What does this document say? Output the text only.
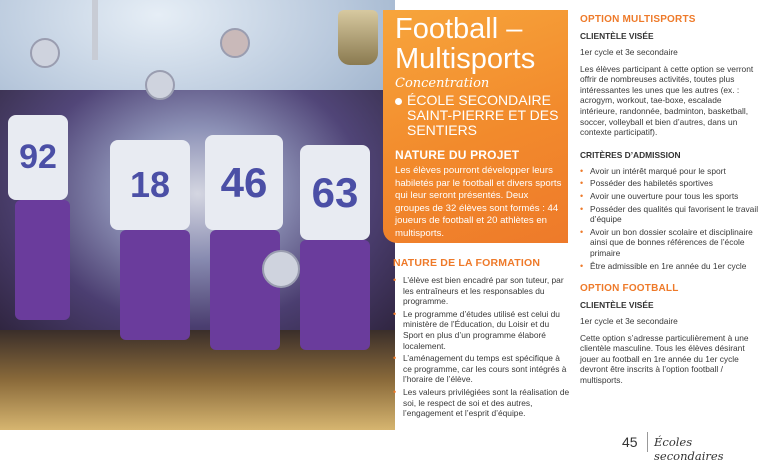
92
18	46	63
Football – Multisports
Concentration
ÉCOLE SECONDAIRE
SAINT-PIERRE ET DES SENTIERS
NATURE DU PROJET
Les élèves pourront développer leurs habiletés par le football et divers sports qui leur seront présentés. Deux groupes de 32 élèves sont formés : 44 joueurs de football et 20 athlètes en multisports.
NATURE DE LA FORMATION
• L’élève est bien encadré par son tuteur, par les entraîneurs et les responsables du programme.
• Le programme d’études utilisé est celui du ministère de l’Éducation, du Loisir et du Sport en plus d’un programme élaboré localement.
• L’aménagement du temps est spécifique à ce programme, car les cours sont intégrés à l’horaire de l’élève.
• Les valeurs privilégiées sont la réalisation de soi, le respect de soi et des autres, l’engagement et l’esprit d’équipe.
OPTION MULTISPORTS
CLIENTÈLE VISÉE
1er cycle et 3e secondaire
Les élèves participant à cette option se verront offrir de nombreuses activités, toutes plus intéressantes les unes que les autres (ex. : acrogym, workout, tae-boxe, escalade intérieure, randonnée, badminton, basketball, soccer, volleyball et bien d’autres, dans un contexte participatif).
CRITÈRES D’ADMISSION
• Avoir un intérêt marqué pour le sport
• Posséder des habiletés sportives
• Avoir une ouverture pour tous les sports
• Posséder des qualités qui favorisent le travail d’équipe
• Avoir un bon dossier scolaire et disciplinaire ainsi que de bonnes références de l’école primaire
• Être admissible en 1re année du 1er cycle
OPTION FOOTBALL
CLIENTÈLE VISÉE
1er cycle et 3e secondaire
Cette option s’adresse particulièrement à une clientèle masculine. Tous les élèves désirant jouer au football en 1re année du 1er cycle devront être inscrits à l’option football / multisports.
45 Écoles secondaires
